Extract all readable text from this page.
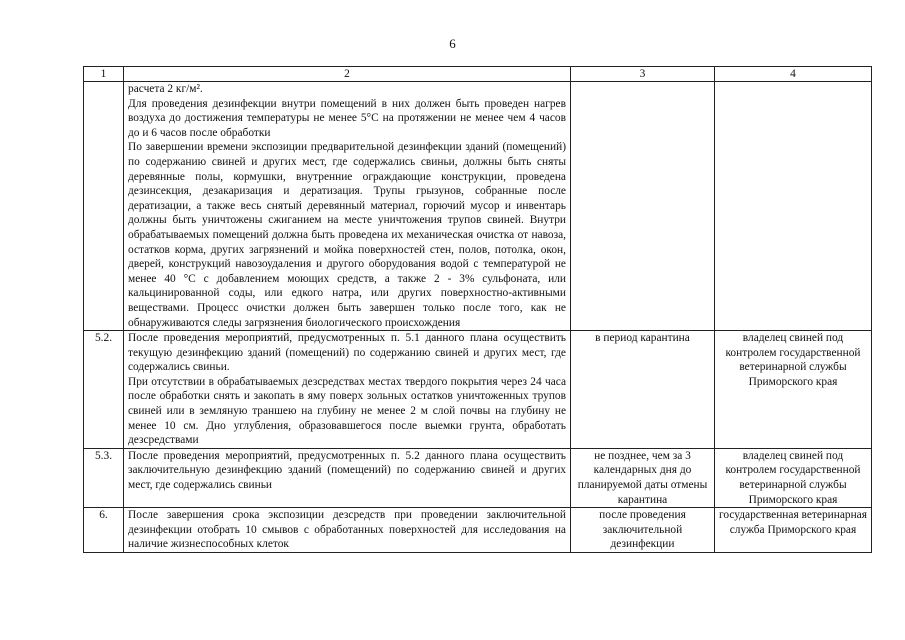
6
1	2	3	4

	расчета 2 кг/м².

Для проведения дезинфекции внутри помещений в них должен быть проведен нагрев воздуха до достижения температуры не менее 5°С на протяжении не менее чем 4 часов до и 6 часов после обработки

По завершении времени экспозиции предварительной дезинфекции зданий (помещений) по содержанию свиней и других мест, где содержались свиньи, должны быть сняты деревянные полы, кормушки, внутренние ограждающие конструкции, проведена дезинсекция, дезакаризация и дератизация. Трупы грызунов, собранные после дератизации, а также весь снятый деревянный материал, горючий мусор и инвентарь должны быть уничтожены сжиганием на месте уничтожения трупов свиней. Внутри обрабатываемых помещений должна быть проведена их механическая очистка от навоза, остатков корма, других загрязнений и мойка поверхностей стен, полов, потолка, окон, дверей, конструкций навозоудаления и другого оборудования водой с температурой не менее 40 °С с добавлением моющих средств, а также 2 - 3% сульфоната, или кальцинированной соды, или едкого натра, или других поверхностно-активными веществами. Процесс очистки должен быть завершен только после того, как не обнаруживаются следы загрязнения биологического происхождения		

5.2.	После проведения мероприятий, предусмотренных п. 5.1 данного плана осуществить текущую дезинфекцию зданий (помещений) по содержанию свиней и других мест, где содержались свиньи.

При отсутствии в обрабатываемых дезсредствах местах твердого покрытия через 24 часа после обработки снять и закопать в яму поверх зольных остатков уничтоженных трупов свиней или в земляную траншею на глубину не менее 2 м слой почвы на глубину не менее 10 см. Дно углубления, образовавшегося после выемки грунта, обработать дезсредствами	в период карантина	владелец свиней под контролем государственной ветеринарной службы Приморского края
5.3.	После проведения мероприятий, предусмотренных п. 5.2 данного плана осуществить заключительную дезинфекцию зданий (помещений) по содержанию свиней и других мест, где содержались свиньи	не позднее, чем за 3 календарных дня до планируемой даты отмены карантина	владелец свиней под контролем государственной ветеринарной службы Приморского края
6.	После завершения срока экспозиции дезсредств при проведении заключительной дезинфекции отобрать 10 смывов с обработанных поверхностей для исследования на наличие жизнеспособных клеток	после проведения заключительной дезинфекции	государственная ветеринарная служба Приморского края
